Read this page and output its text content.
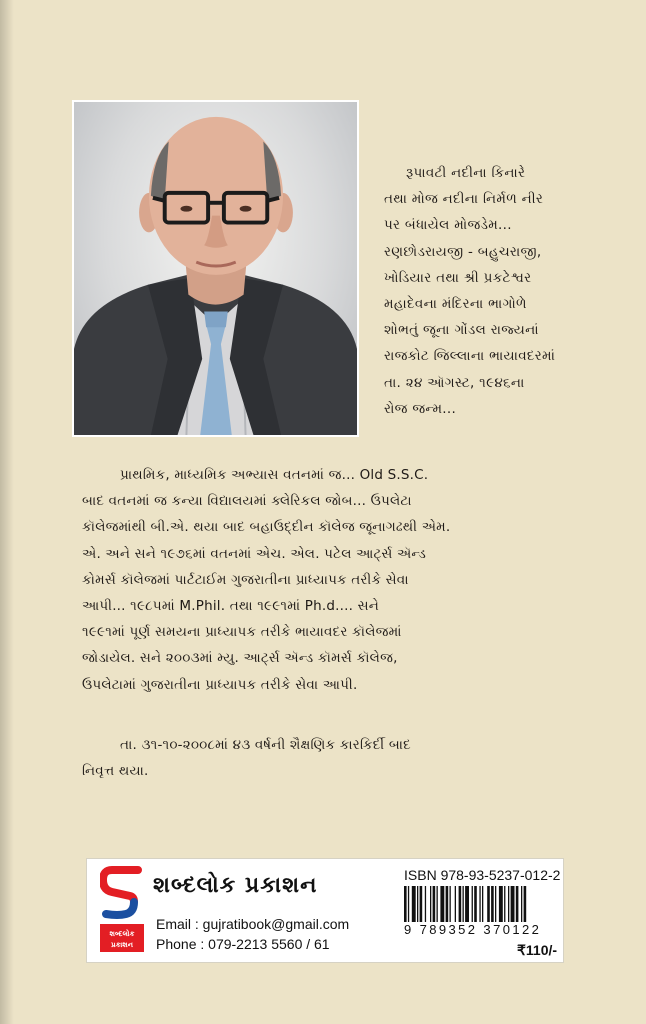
રૂપાવટી નદીના કિનારે
તથા મોજ નદીના નિર્મળ નીર
પર બંધાયેલ મોજડેમ...
રણછોડરાયજી - બહુચરાજી,
ખોડિયાર તથા શ્રી પ્રકટેશ્વર
મહાદેવના મંદિરના ભાગોળે
શોભતું જૂના ગોંડલ રાજ્યનાં
રાજકોટ જિલ્લાના ભાયાવદરમાં
તા. ૨૪ ઑગસ્ટ, ૧૯૪૬ના
રોજ જન્મ...
પ્રાથમિક, માધ્યમિક અભ્યાસ વતનમાં જ... Old S.S.C.
બાદ વતનમાં જ કન્યા વિદ્યાલયમાં ક્લેરિકલ જોબ... ઉપલેટા
કૉલેજમાંથી બી.એ. થયા બાદ બહાઉદ્દીન કૉલેજ જૂનાગઢથી એમ.
એ. અને સને ૧૯૭૬માં વતનમાં એચ. એલ. પટેલ આર્ટ્સ ઍન્ડ
કોમર્સ કૉલેજમાં પાર્ટટાઈમ ગુજરાતીના પ્રાધ્યાપક તરીકે સેવા
આપી... ૧૯૮૫માં M.Phil. તથા ૧૯૯૧માં Ph.d.... સને
૧૯૯૧માં પૂર્ણ સમયના પ્રાધ્યાપક તરીકે ભાયાવદર કૉલેજમાં
જોડાયેલ. સને ૨૦૦૩માં મ્યુ. આર્ટ્સ ઍન્ડ કૉમર્સ કૉલેજ,
ઉપલેટામાં ગુજરાતીના પ્રાધ્યાપક તરીકે સેવા આપી.
તા. ૩૧-૧૦-૨૦૦૮માં ૪૩ વર્ષની શૈક્ષણિક કારકિર્દી બાદ
નિવૃત્ત થયા.
શબ્દલોક
પ્રકાશન
શબ્દલોક પ્રકાશન
Email : gujratibook@gmail.com
Phone : 079-2213 5560 / 61
ISBN 978-93-5237-012-2
9 789352 370122
₹110/-
